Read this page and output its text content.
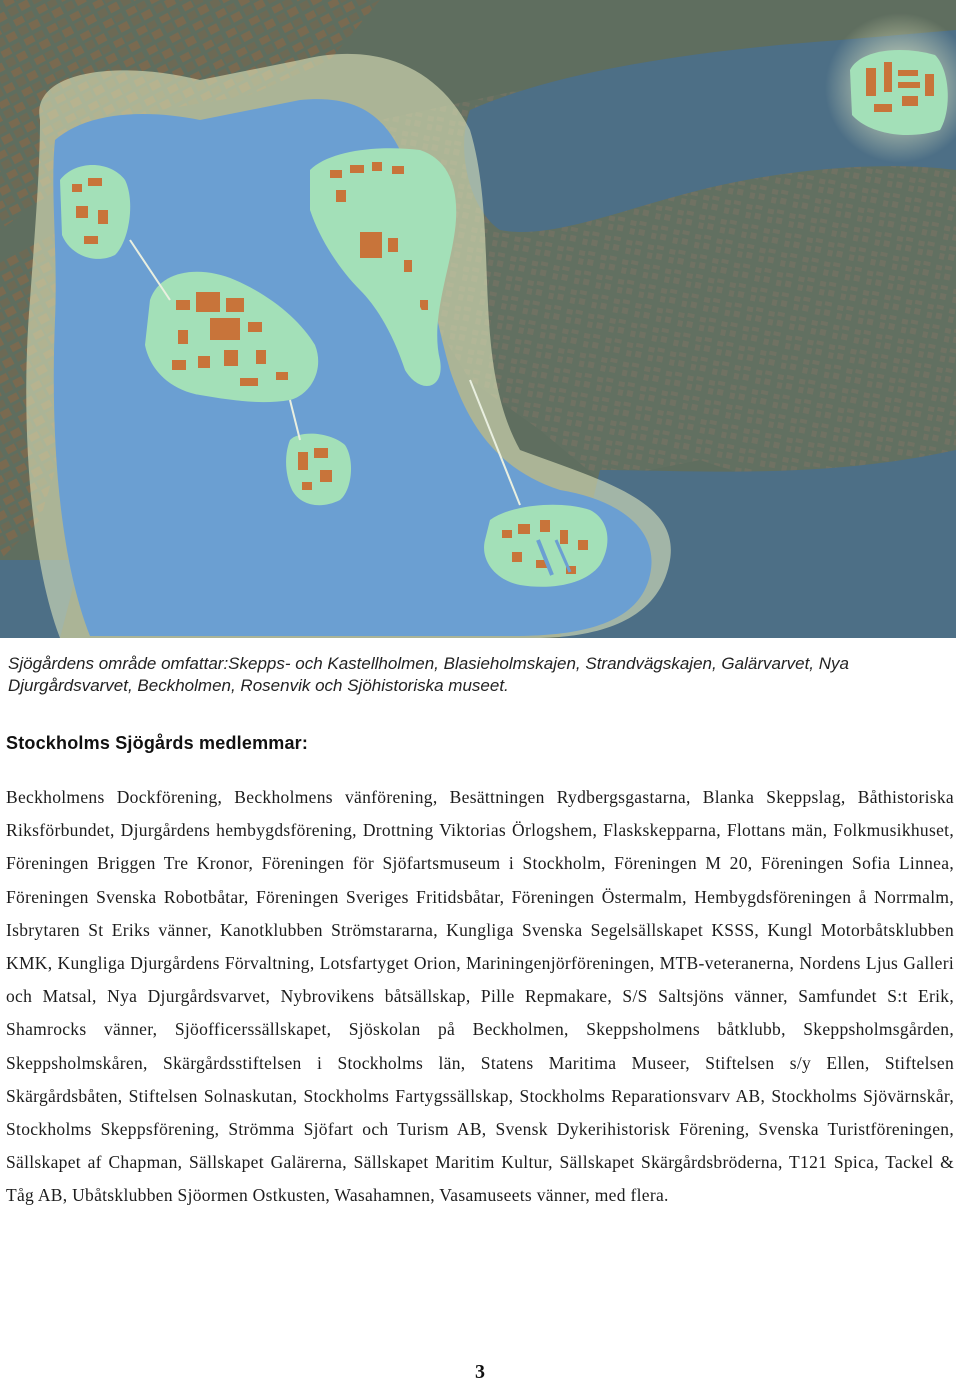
Sjögårdens område omfattar:Skepps- och Kastellholmen, Blasieholmskajen, Strandvägskajen, Galärvarvet, Nya Djurgårdsvarvet, Beckholmen, Rosenvik och Sjöhistoriska museet.

Stockholms Sjögårds medlemmar:

Beckholmens Dockförening, Beckholmens vänförening, Besättningen Rydbergsgastarna, Blanka Skeppslag, Båthistoriska Riksförbundet, Djurgårdens hembygdsförening, Drottning Viktorias Örlogshem, Flaskskepparna, Flottans män, Folkmusikhuset, Föreningen Briggen Tre Kronor, Föreningen för Sjöfartsmuseum i Stockholm, Föreningen M 20, Föreningen Sofia Linnea, Föreningen Svenska Robotbåtar, Föreningen Sveriges Fritidsbåtar, Föreningen Östermalm, Hembygdsföreningen å Norrmalm, Isbrytaren St Eriks vänner, Kanotklubben Strömstararna, Kungliga Svenska Segelsällskapet KSSS, Kungl Motorbåtsklubben KMK, Kungliga Djurgårdens Förvaltning, Lotsfartyget Orion, Mariningenjörföreningen, MTB-veteranerna, Nordens Ljus Galleri och Matsal, Nya Djurgårdsvarvet, Nybrovikens båtsällskap, Pille Repmakare, S/S Saltsjöns vänner, Samfundet S:t Erik, Shamrocks vänner, Sjöofficerssällskapet, Sjöskolan på Beckholmen, Skeppsholmens båtklubb, Skeppsholmsgården, Skeppsholmskåren, Skärgårdsstiftelsen i Stockholms län, Statens Maritima Museer, Stiftelsen s/y Ellen, Stiftelsen Skärgårdsbåten, Stiftelsen Solnaskutan, Stockholms Fartygssällskap, Stockholms Reparationsvarv AB, Stockholms Sjövärnskår, Stockholms Skeppsförening, Strömma Sjöfart och Turism AB, Svensk Dykerihistorisk Förening, Svenska Turistföreningen, Sällskapet af Chapman, Sällskapet Galärerna, Sällskapet Maritim Kultur, Sällskapet Skärgårdsbröderna, T121 Spica, Tackel & Tåg AB, Ubåtsklubben Sjöormen Ostkusten, Wasahamnen, Vasamuseets vänner, med flera.

3
